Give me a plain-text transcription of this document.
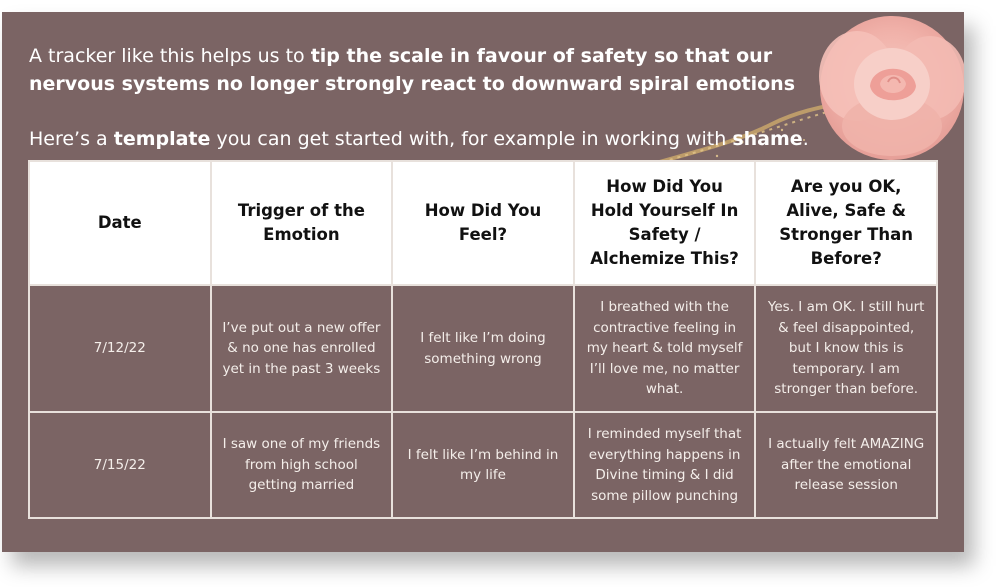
A tracker like this helps us to tip the scale in favour of safety so that our nervous systems no longer strongly react to downward spiral emotions

Here’s a template you can get started with, for example in working with shame.

Date	Trigger of the Emotion	How Did You Feel?	How Did You Hold Yourself In Safety / Alchemize This?	Are you OK, Alive, Safe & Stronger Than Before?
7/12/22	I’ve put out a new offer & no one has enrolled yet in the past 3 weeks	I felt like I’m doing something wrong	I breathed with the contractive feeling in my heart & told myself I’ll love me, no matter what.	Yes. I am OK. I still hurt & feel disappointed, but I know this is temporary. I am stronger than before.
7/15/22	I saw one of my friends from high school getting married	I felt like I’m behind in my life	I reminded myself that everything happens in Divine timing & I did some pillow punching	I actually felt AMAZING after the emotional release session
